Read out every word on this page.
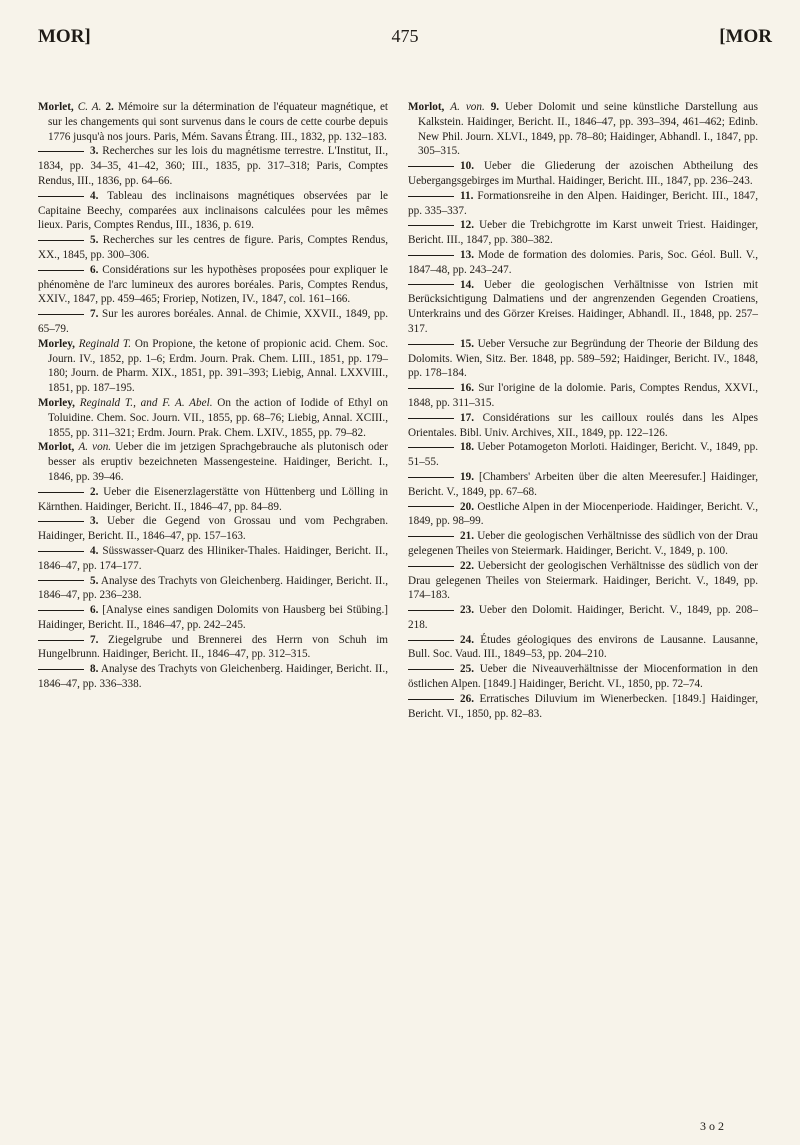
MOR]	475	[MOR
Morlet, C. A. 2. Mémoire sur la détermination de l'équateur magnétique, et sur les changements qui sont survenus dans le cours de cette courbe depuis 1776 jusqu'à nos jours. Paris, Mém. Savans Étrang. III., 1832, pp. 132–183.
3. Recherches sur les lois du magnétisme terrestre. L'Institut, II., 1834, pp. 34–35, 41–42, 360; III., 1835, pp. 317–318; Paris, Comptes Rendus, III., 1836, pp. 64–66.
4. Tableau des inclinaisons magnétiques observées par le Capitaine Beechy, comparées aux inclinaisons calculées pour les mêmes lieux. Paris, Comptes Rendus, III., 1836, p. 619.
5. Recherches sur les centres de figure. Paris, Comptes Rendus, XX., 1845, pp. 300–306.
6. Considérations sur les hypothèses proposées pour expliquer le phénomène de l'arc lumineux des aurores boréales. Paris, Comptes Rendus, XXIV., 1847, pp. 459–465; Froriep, Notizen, IV., 1847, col. 161–166.
7. Sur les aurores boréales. Annal. de Chimie, XXVII., 1849, pp. 65–79.
Morley, Reginald T. On Propione, the ketone of propionic acid. Chem. Soc. Journ. IV., 1852, pp. 1–6; Erdm. Journ. Prak. Chem. LIII., 1851, pp. 179–180; Journ. de Pharm. XIX., 1851, pp. 391–393; Liebig, Annal. LXXVIII., 1851, pp. 187–195.
Morley, Reginald T., and F. A. Abel. On the action of Iodide of Ethyl on Toluidine. Chem. Soc. Journ. VII., 1855, pp. 68–76; Liebig, Annal. XCIII., 1855, pp. 311–321; Erdm. Journ. Prak. Chem. LXIV., 1855, pp. 79–82.
Morlot, A. von. Ueber die im jetzigen Sprachgebrauche als plutonisch oder besser als eruptiv bezeichneten Massengesteine. Haidinger, Bericht. I., 1846, pp. 39–46.
2. Ueber die Eisenerzlagerstätte von Hüttenberg und Lölling in Kärnthen. Haidinger, Bericht. II., 1846–47, pp. 84–89.
3. Ueber die Gegend von Grossau und vom Pechgraben. Haidinger, Bericht. II., 1846–47, pp. 157–163.
4. Süsswasser-Quarz des Hliniker-Thales. Haidinger, Bericht. II., 1846–47, pp. 174–177.
5. Analyse des Trachyts von Gleichenberg. Haidinger, Bericht. II., 1846–47, pp. 236–238.
6. [Analyse eines sandigen Dolomits von Hausberg bei Stübing.] Haidinger, Bericht. II., 1846–47, pp. 242–245.
7. Ziegelgrube und Brennerei des Herrn von Schuh im Hungelbrunn. Haidinger, Bericht. II., 1846–47, pp. 312–315.
8. Analyse des Trachyts von Gleichenberg. Haidinger, Bericht. II., 1846–47, pp. 336–338.
Morlot, A. von. 9. Ueber Dolomit und seine künstliche Darstellung aus Kalkstein. Haidinger, Bericht. II., 1846–47, pp. 393–394, 461–462; Edinb. New Phil. Journ. XLVI., 1849, pp. 78–80; Haidinger, Abhandl. I., 1847, pp. 305–315.
10. Ueber die Gliederung der azoischen Abtheilung des Uebergangsgebirges im Murthal. Haidinger, Bericht. III., 1847, pp. 236–243.
11. Formationsreihe in den Alpen. Haidinger, Bericht. III., 1847, pp. 335–337.
12. Ueber die Trebichgrotte im Karst unweit Triest. Haidinger, Bericht. III., 1847, pp. 380–382.
13. Mode de formation des dolomies. Paris, Soc. Géol. Bull. V., 1847–48, pp. 243–247.
14. Ueber die geologischen Verhältnisse von Istrien mit Berücksichtigung Dalmatiens und der angrenzenden Gegenden Croatiens, Unterkrains und des Görzer Kreises. Haidinger, Abhandl. II., 1848, pp. 257–317.
15. Ueber Versuche zur Begründung der Theorie der Bildung des Dolomits. Wien, Sitz. Ber. 1848, pp. 589–592; Haidinger, Bericht. IV., 1848, pp. 178–184.
16. Sur l'origine de la dolomie. Paris, Comptes Rendus, XXVI., 1848, pp. 311–315.
17. Considérations sur les cailloux roulés dans les Alpes Orientales. Bibl. Univ. Archives, XII., 1849, pp. 122–126.
18. Ueber Potamogeton Morloti. Haidinger, Bericht. V., 1849, pp. 51–55.
19. [Chambers' Arbeiten über die alten Meeresufer.] Haidinger, Bericht. V., 1849, pp. 67–68.
20. Oestliche Alpen in der Miocenperiode. Haidinger, Bericht. V., 1849, pp. 98–99.
21. Ueber die geologischen Verhältnisse des südlich von der Drau gelegenen Theiles von Steiermark. Haidinger, Bericht. V., 1849, p. 100.
22. Uebersicht der geologischen Verhältnisse des südlich von der Drau gelegenen Theiles von Steiermark. Haidinger, Bericht. V., 1849, pp. 174–183.
23. Ueber den Dolomit. Haidinger, Bericht. V., 1849, pp. 208–218.
24. Études géologiques des environs de Lausanne. Lausanne, Bull. Soc. Vaud. III., 1849–53, pp. 204–210.
25. Ueber die Niveauverhältnisse der Miocenformation in den östlichen Alpen. [1849.] Haidinger, Bericht. VI., 1850, pp. 72–74.
26. Erratisches Diluvium im Wienerbecken. [1849.] Haidinger, Bericht. VI., 1850, pp. 82–83.
3 o 2
